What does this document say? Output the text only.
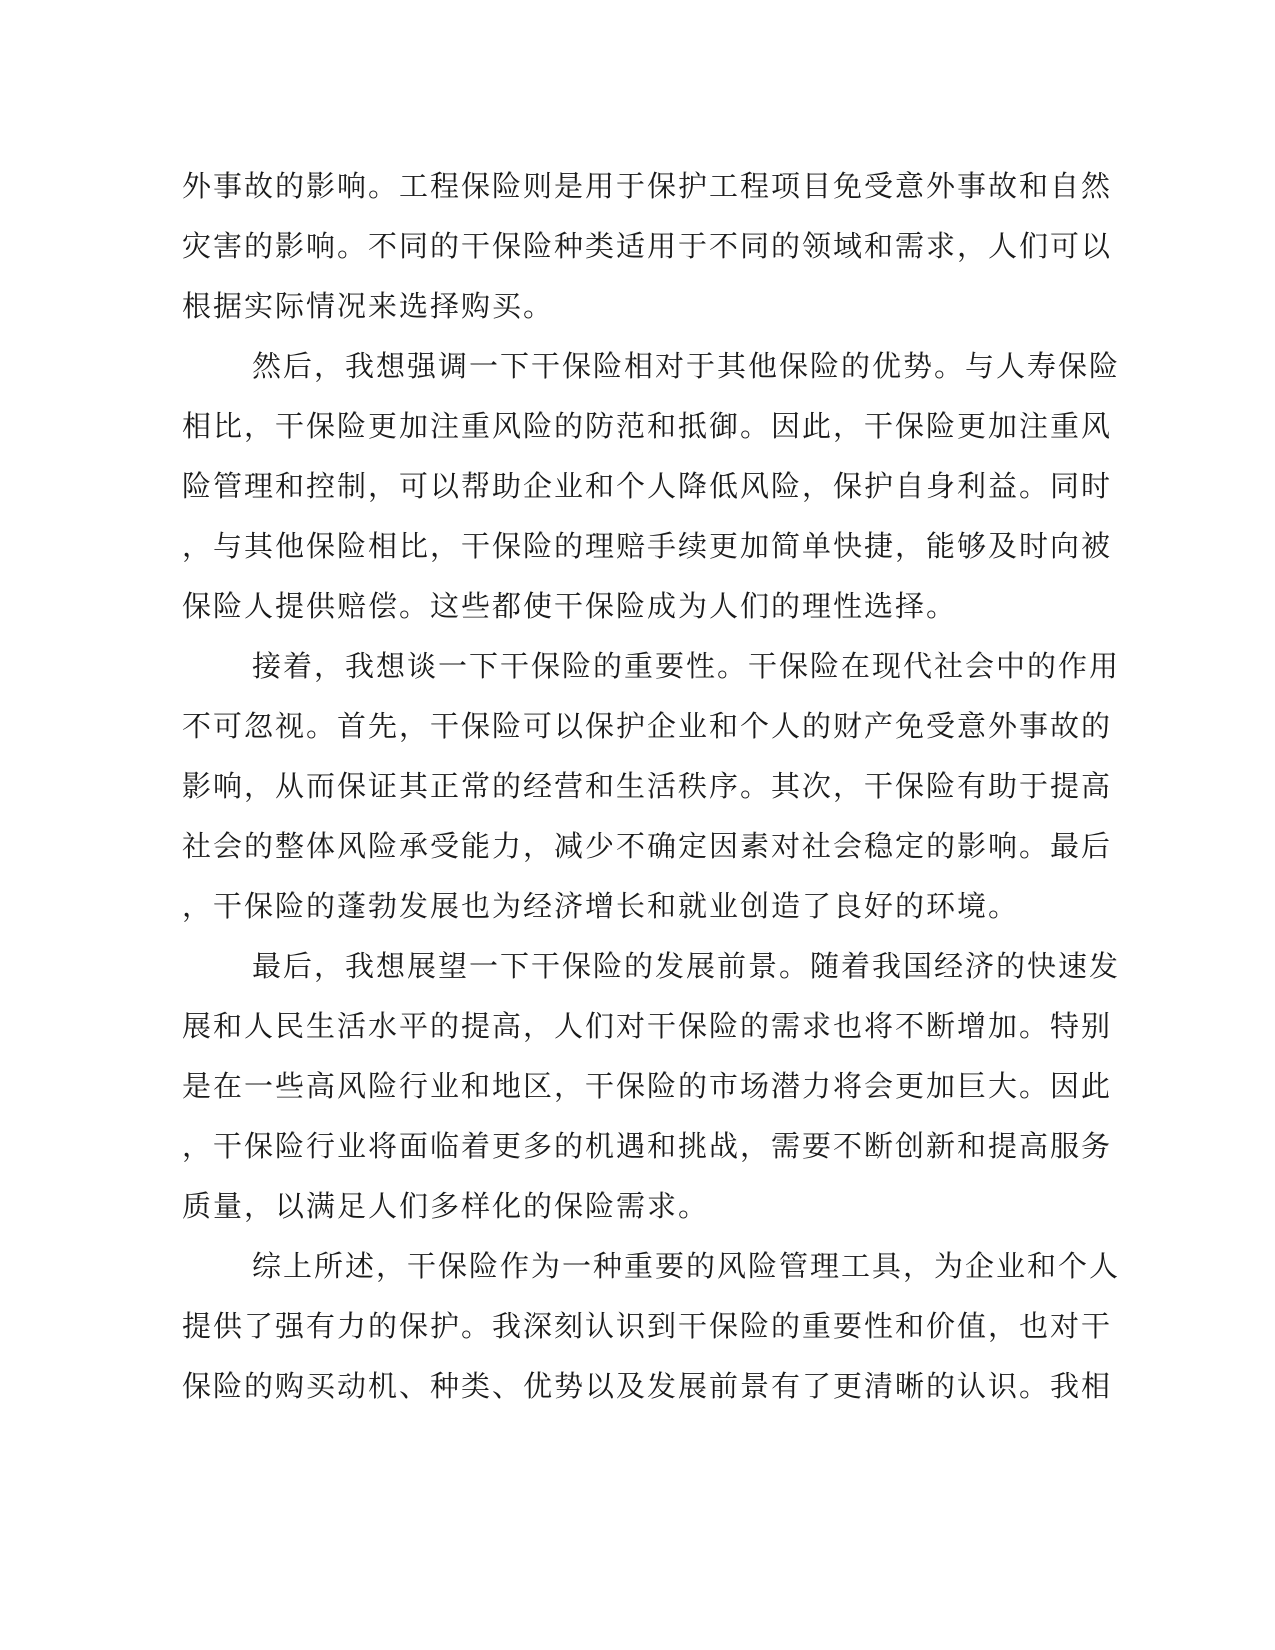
外事故的影响。工程保险则是用于保护工程项目免受意外事故和自然
灾害的影响。不同的干保险种类适用于不同的领域和需求，人们可以
根据实际情况来选择购买。
然后，我想强调一下干保险相对于其他保险的优势。与人寿保险
相比，干保险更加注重风险的防范和抵御。因此，干保险更加注重风
险管理和控制，可以帮助企业和个人降低风险，保护自身利益。同时
，与其他保险相比，干保险的理赔手续更加简单快捷，能够及时向被
保险人提供赔偿。这些都使干保险成为人们的理性选择。
接着，我想谈一下干保险的重要性。干保险在现代社会中的作用
不可忽视。首先，干保险可以保护企业和个人的财产免受意外事故的
影响，从而保证其正常的经营和生活秩序。其次，干保险有助于提高
社会的整体风险承受能力，减少不确定因素对社会稳定的影响。最后
，干保险的蓬勃发展也为经济增长和就业创造了良好的环境。
最后，我想展望一下干保险的发展前景。随着我国经济的快速发
展和人民生活水平的提高，人们对干保险的需求也将不断增加。特别
是在一些高风险行业和地区，干保险的市场潜力将会更加巨大。因此
，干保险行业将面临着更多的机遇和挑战，需要不断创新和提高服务
质量，以满足人们多样化的保险需求。
综上所述，干保险作为一种重要的风险管理工具，为企业和个人
提供了强有力的保护。我深刻认识到干保险的重要性和价值，也对干
保险的购买动机、种类、优势以及发展前景有了更清晰的认识。我相
